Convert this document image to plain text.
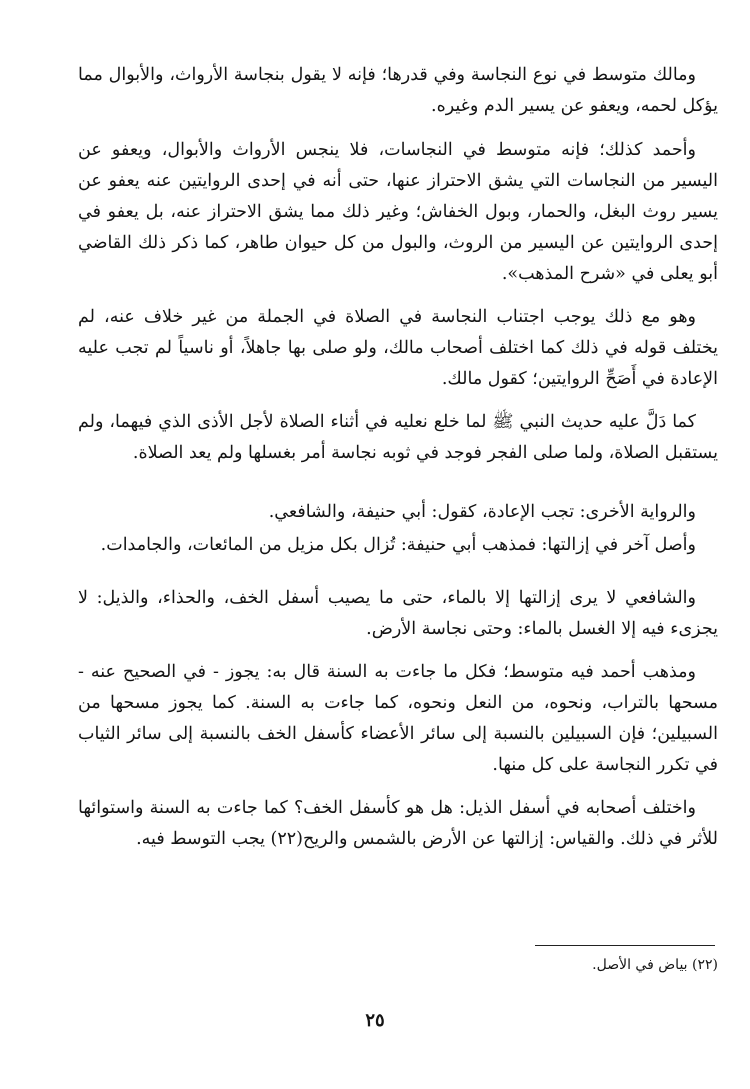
ومالك متوسط في نوع النجاسة وفي قدرها؛ فإنه لا يقول بنجاسة الأرواث، والأبوال مما يؤكل لحمه، ويعفو عن يسير الدم وغيره.

وأحمد كذلك؛ فإنه متوسط في النجاسات، فلا ينجس الأرواث والأبوال، ويعفو عن اليسير من النجاسات التي يشق الاحتراز عنها، حتى أنه في إحدى الروايتين عنه يعفو عن يسير روث البغل، والحمار، وبول الخفاش؛ وغير ذلك مما يشق الاحتراز عنه، بل يعفو في إحدى الروايتين عن اليسير من الروث، والبول من كل حيوان طاهر، كما ذكر ذلك القاضي أبو يعلى في «شرح المذهب».

وهو مع ذلك يوجب اجتناب النجاسة في الصلاة في الجملة من غير خلاف عنه، لم يختلف قوله في ذلك كما اختلف أصحاب مالك، ولو صلى بها جاهلاً، أو ناسياً لم تجب عليه الإعادة في أَصَحِّ الروايتين؛ كقول مالك.

كما دَلَّ عليه حديث النبي ﷺ لما خلع نعليه في أثناء الصلاة لأجل الأذى الذي فيهما، ولم يستقبل الصلاة، ولما صلى الفجر فوجد في ثوبه نجاسة أمر بغسلها ولم يعد الصلاة.

والرواية الأخرى: تجب الإعادة، كقول: أبي حنيفة، والشافعي.

وأصل آخر في إزالتها: فمذهب أبي حنيفة: تُزال بكل مزيل من المائعات، والجامدات.

والشافعي لا يرى إزالتها إلا بالماء، حتى ما يصيب أسفل الخف، والحذاء، والذيل: لا يجزىء فيه إلا الغسل بالماء: وحتى نجاسة الأرض.

ومذهب أحمد فيه متوسط؛ فكل ما جاءت به السنة قال به: يجوز - في الصحيح عنه - مسحها بالتراب، ونحوه، من النعل ونحوه، كما جاءت به السنة. كما يجوز مسحها من السبيلين؛ فإن السبيلين بالنسبة إلى سائر الأعضاء كأسفل الخف بالنسبة إلى سائر الثياب في تكرر النجاسة على كل منها.

واختلف أصحابه في أسفل الذيل: هل هو كأسفل الخف؟ كما جاءت به السنة واستوائها للأثر في ذلك. والقياس: إزالتها عن الأرض بالشمس والريح(٢٢) يجب التوسط فيه.

(٢٢) بياض في الأصل.
٢٥
